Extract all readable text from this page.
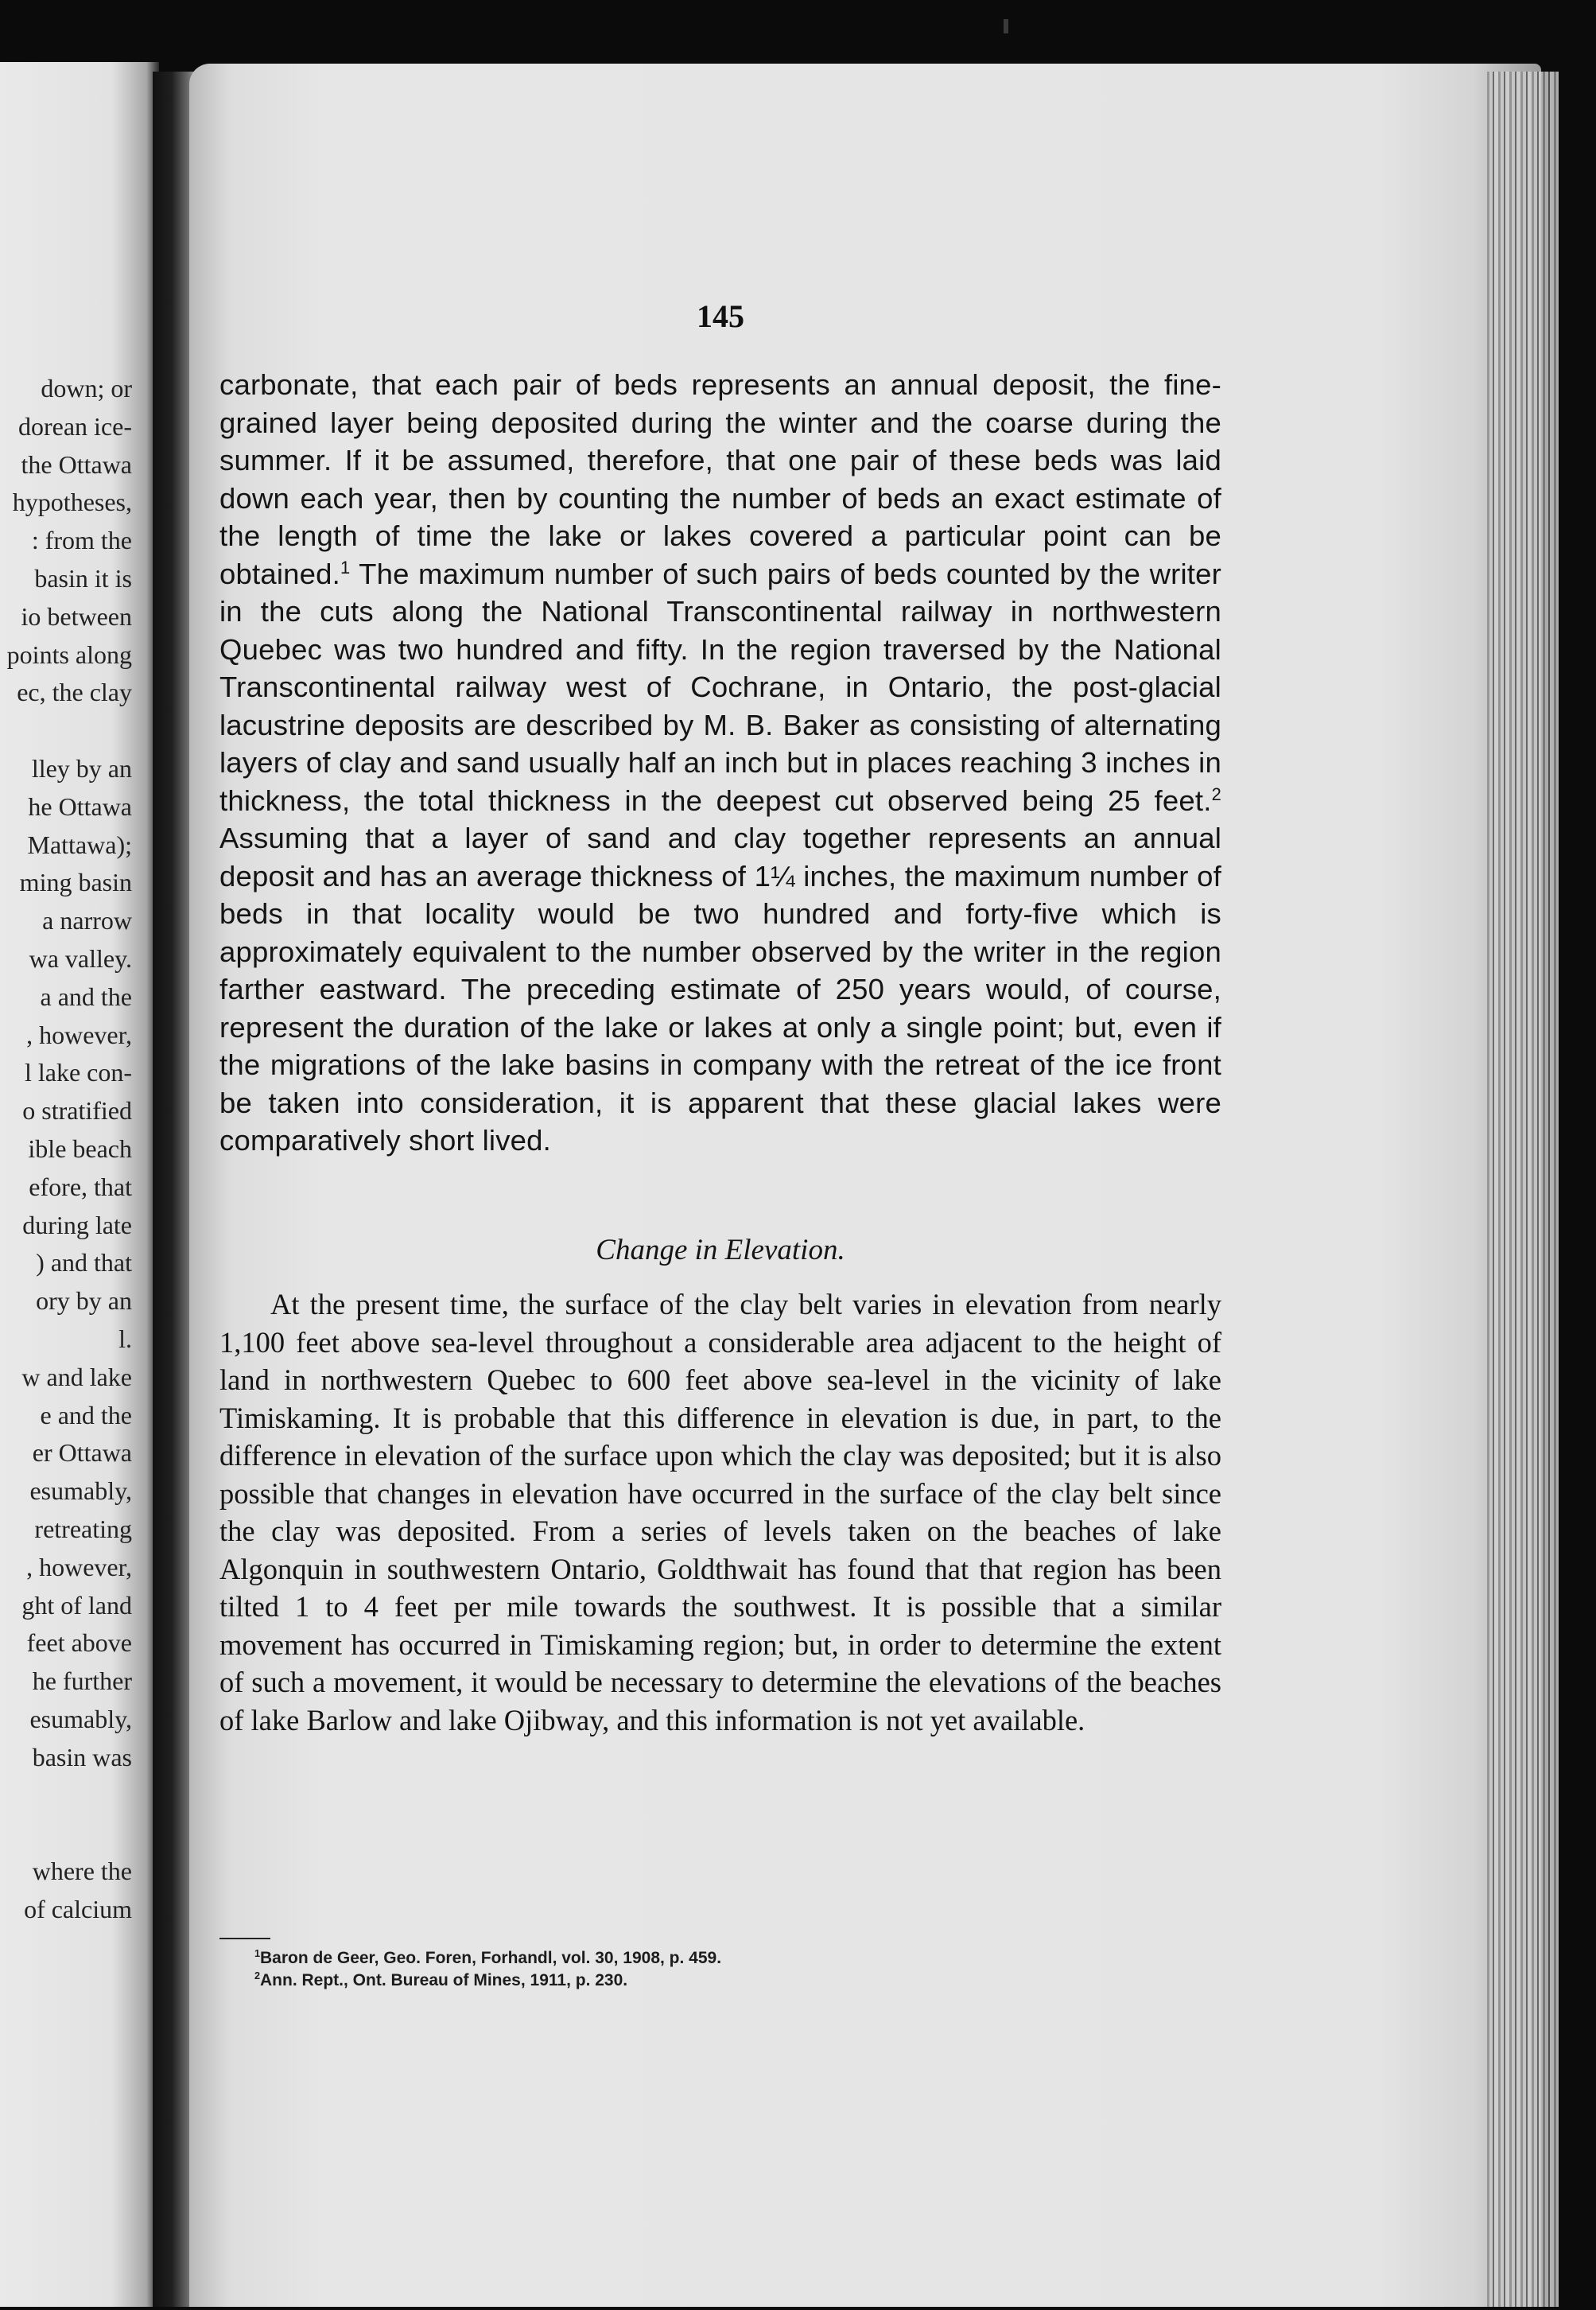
down; or
dorean ice-
the Ottawa
hypotheses,
: from the
basin it is
io between
points along
ec, the clay
lley by an
he Ottawa
Mattawa);
ming basin
a narrow
wa valley.
a and the
, however,
l lake con-
o stratified
ible beach
efore, that
during late
) and that
ory by an
l.
w and lake
e and the
er Ottawa
esumably,
retreating
, however,
ght of land
feet above
he further
esumably,
basin was
where the
of calcium
145

carbonate, that each pair of beds represents an annual deposit, the fine-grained layer being deposited during the winter and the coarse during the summer. If it be assumed, therefore, that one pair of these beds was laid down each year, then by counting the number of beds an exact estimate of the length of time the lake or lakes covered a particular point can be obtained.$^1$ The maximum number of such pairs of beds counted by the writer in the cuts along the National Transcontinental railway in northwestern Quebec was two hundred and fifty. In the region traversed by the National Transcontinental railway west of Cochrane, in Ontario, the post-glacial lacustrine deposits are described by M. B. Baker as consisting of alternating layers of clay and sand usually half an inch but in places reaching 3 inches in thickness, the total thickness in the deepest cut observed being 25 feet.$^2$ Assuming that a layer of sand and clay together represents an annual deposit and has an average thickness of 1¼ inches, the maximum number of beds in that locality would be two hundred and forty-five which is approximately equivalent to the number observed by the writer in the region farther eastward. The preceding estimate of 250 years would, of course, represent the duration of the lake or lakes at only a single point; but, even if the migrations of the lake basins in company with the retreat of the ice front be taken into consideration, it is apparent that these glacial lakes were comparatively short lived.

Change in Elevation.

At the present time, the surface of the clay belt varies in elevation from nearly 1,100 feet above sea-level throughout a considerable area adjacent to the height of land in northwestern Quebec to 600 feet above sea-level in the vicinity of lake Timiskaming. It is probable that this difference in elevation is due, in part, to the difference in elevation of the surface upon which the clay was deposited; but it is also possible that changes in elevation have occurred in the surface of the clay belt since the clay was deposited. From a series of levels taken on the beaches of lake Algonquin in southwestern Ontario, Goldthwait has found that that region has been tilted 1 to 4 feet per mile towards the southwest. It is possible that a similar movement has occurred in Timiskaming region; but, in order to determine the extent of such a movement, it would be necessary to determine the elevations of the beaches of lake Barlow and lake Ojibway, and this information is not yet available.

$^1$Baron de Geer, Geo. Foren, Forhandl, vol. 30, 1908, p. 459.
$^2$Ann. Rept., Ont. Bureau of Mines, 1911, p. 230.
